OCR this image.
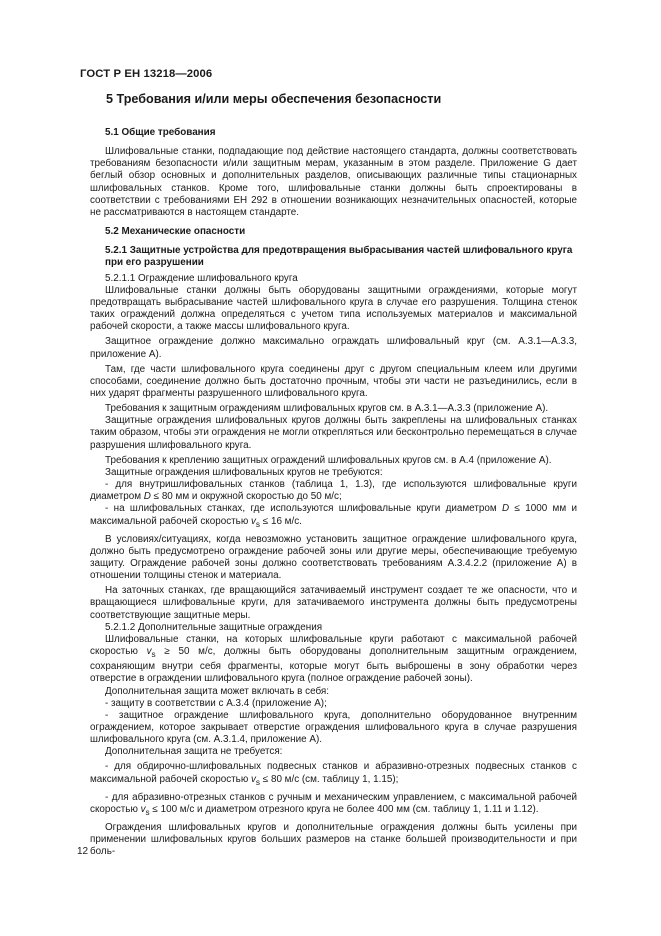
ГОСТ Р ЕН 13218—2006
5 Требования и/или меры обеспечения безопасности
5.1 Общие требования

Шлифовальные станки, подпадающие под действие настоящего стандарта, должны соответствовать требованиям безопасности и/или защитным мерам, указанным в этом разделе. Приложение G дает беглый обзор основных и дополнительных разделов, описывающих различные типы стационарных шлифовальных станков. Кроме того, шлифовальные станки должны быть спроектированы в соответствии с требованиями ЕН 292 в отношении возникающих незначительных опасностей, которые не рассматриваются в настоящем стандарте.

5.2 Механические опасности
5.2.1 Защитные устройства для предотвращения выбрасывания частей шлифовального круга при его разрушении

5.2.1.1 Ограждение шлифовального круга

Шлифовальные станки должны быть оборудованы защитными ограждениями, которые могут предотвращать выбрасывание частей шлифовального круга в случае его разрушения. Толщина стенок таких ограждений должна определяться с учетом типа используемых материалов и максимальной рабочей скорости, а также массы шлифовального круга.

Защитное ограждение должно максимально ограждать шлифовальный круг (см. А.3.1—А.3.3, приложение А).

Там, где части шлифовального круга соединены друг с другом специальным клеем или другими способами, соединение должно быть достаточно прочным, чтобы эти части не разъединились, если в них ударят фрагменты разрушенного шлифовального круга.

Требования к защитным ограждениям шлифовальных кругов см. в А.3.1—А.3.3 (приложение А).

Защитные ограждения шлифовальных кругов должны быть закреплены на шлифовальных станках таким образом, чтобы эти ограждения не могли открепляться или бесконтрольно перемещаться в случае разрушения шлифовального круга.

Требования к креплению защитных ограждений шлифовальных кругов см. в А.4 (приложение А).

Защитные ограждения шлифовальных кругов не требуются:

- для внутришлифовальных станков (таблица 1, 1.3), где используются шлифовальные круги диаметром D ≤ 80 мм и окружной скоростью до 50 м/с;

- на шлифовальных станках, где используются шлифовальные круги диаметром D ≤ 1000 мм и максимальной рабочей скоростью $v_s \le 16$ м/с.

В условиях/ситуациях, когда невозможно установить защитное ограждение шлифовального круга, должно быть предусмотрено ограждение рабочей зоны или другие меры, обеспечивающие требуемую защиту. Ограждение рабочей зоны должно соответствовать требованиям А.3.4.2.2 (приложение А) в отношении толщины стенок и материала.

На заточных станках, где вращающийся затачиваемый инструмент создает те же опасности, что и вращающиеся шлифовальные круги, для затачиваемого инструмента должны быть предусмотрены соответствующие защитные меры.

5.2.1.2 Дополнительные защитные ограждения

Шлифовальные станки, на которых шлифовальные круги работают с максимальной рабочей скоростью $v_s \ge 50$ м/с, должны быть оборудованы дополнительным защитным ограждением, сохраняющим внутри себя фрагменты, которые могут быть выброшены в зону обработки через отверстие в ограждении шлифовального круга (полное ограждение рабочей зоны).

Дополнительная защита может включать в себя:

- защиту в соответствии с А.3.4 (приложение А);

- защитное ограждение шлифовального круга, дополнительно оборудованное внутренним ограждением, которое закрывает отверстие ограждения шлифовального круга в случае разрушения шлифовального круга (см. А.3.1.4, приложение А).

Дополнительная защита не требуется:

- для обдирочно-шлифовальных подвесных станков и абразивно-отрезных подвесных станков с максимальной рабочей скоростью $v_s \le 80$ м/с (см. таблицу 1, 1.15);

- для абразивно-отрезных станков с ручным и механическим управлением, с максимальной рабочей скоростью $v_s \le 100$ м/с и диаметром отрезного круга не более 400 мм (см. таблицу 1, 1.11 и 1.12).

Ограждения шлифовальных кругов и дополнительные ограждения должны быть усилены при применении шлифовальных кругов больших размеров на станке большей производительности и при боль-

12
